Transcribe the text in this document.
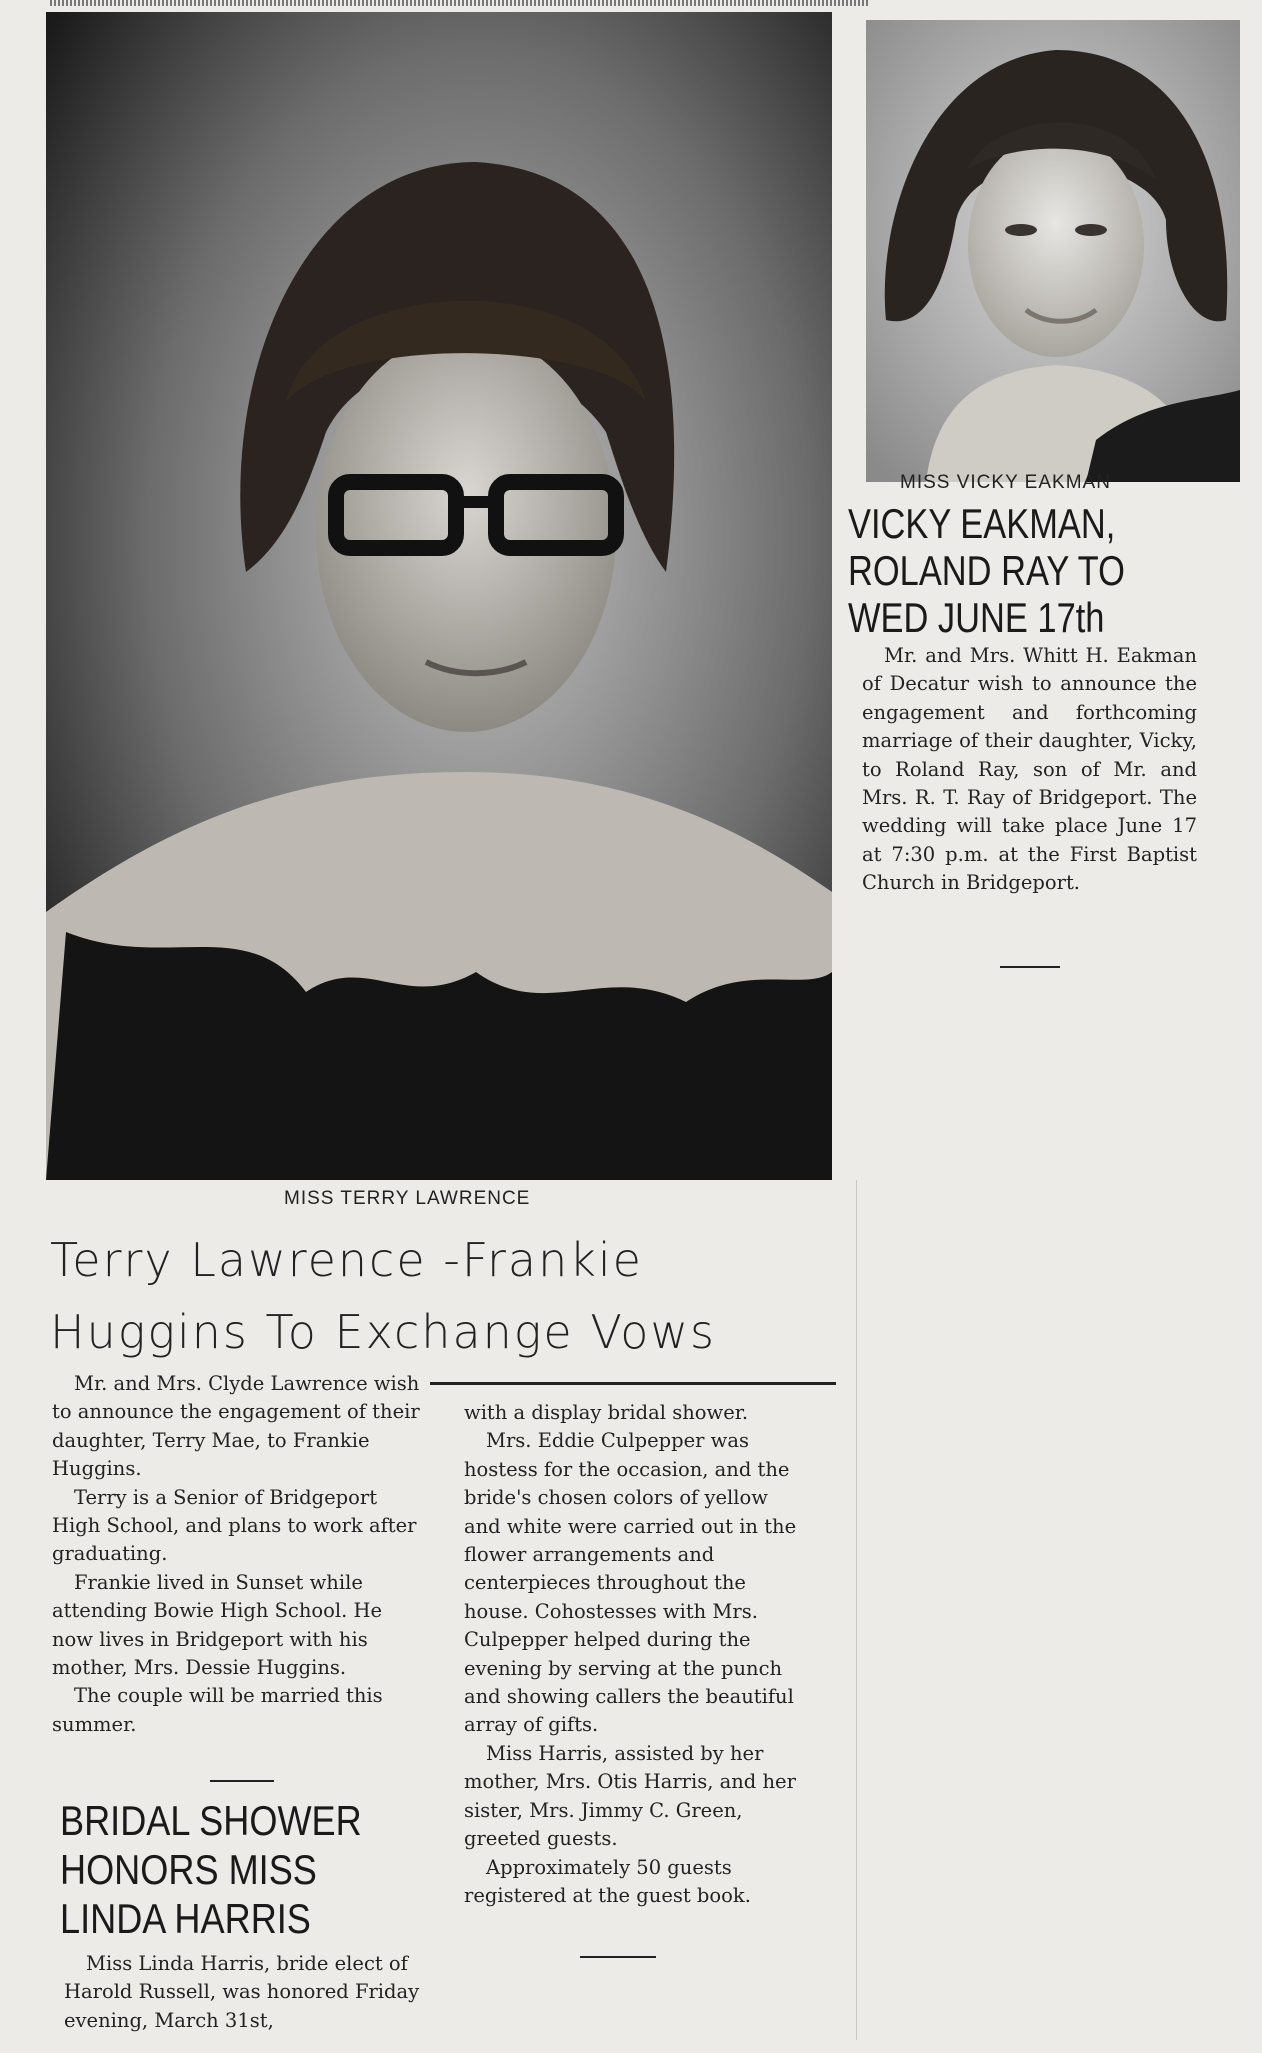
MISS VICKY EAKMAN
VICKY EAKMAN,
ROLAND RAY TO
WED JUNE 17th

Mr. and Mrs. Whitt H. Eakman of Decatur wish to announce the engagement and forthcoming marriage of their daughter, Vicky, to Roland Ray, son of Mr. and Mrs. R. T. Ray of Bridgeport. The wedding will take place June 17 at 7:30 p.m. at the First Baptist Church in Bridgeport.

MISS TERRY LAWRENCE
Terry Lawrence -Frankie
Huggins To Exchange Vows

Mr. and Mrs. Clyde Lawrence wish to announce the engagement of their daughter, Terry Mae, to Frankie Huggins.

Terry is a Senior of Bridgeport High School, and plans to work after graduating.

Frankie lived in Sunset while attending Bowie High School. He now lives in Bridgeport with his mother, Mrs. Dessie Huggins.

The couple will be married this summer.

BRIDAL SHOWER
HONORS MISS
LINDA HARRIS

Miss Linda Harris, bride elect of Harold Russell, was honored Friday evening, March 31st,

with a display bridal shower.

Mrs. Eddie Culpepper was hostess for the occasion, and the bride's chosen colors of yellow and white were carried out in the flower arrangements and centerpieces throughout the house. Cohostesses with Mrs. Culpepper helped during the evening by serving at the punch and showing callers the beautiful array of gifts.

Miss Harris, assisted by her mother, Mrs. Otis Harris, and her sister, Mrs. Jimmy C. Green, greeted guests.

Approximately 50 guests registered at the guest book.
